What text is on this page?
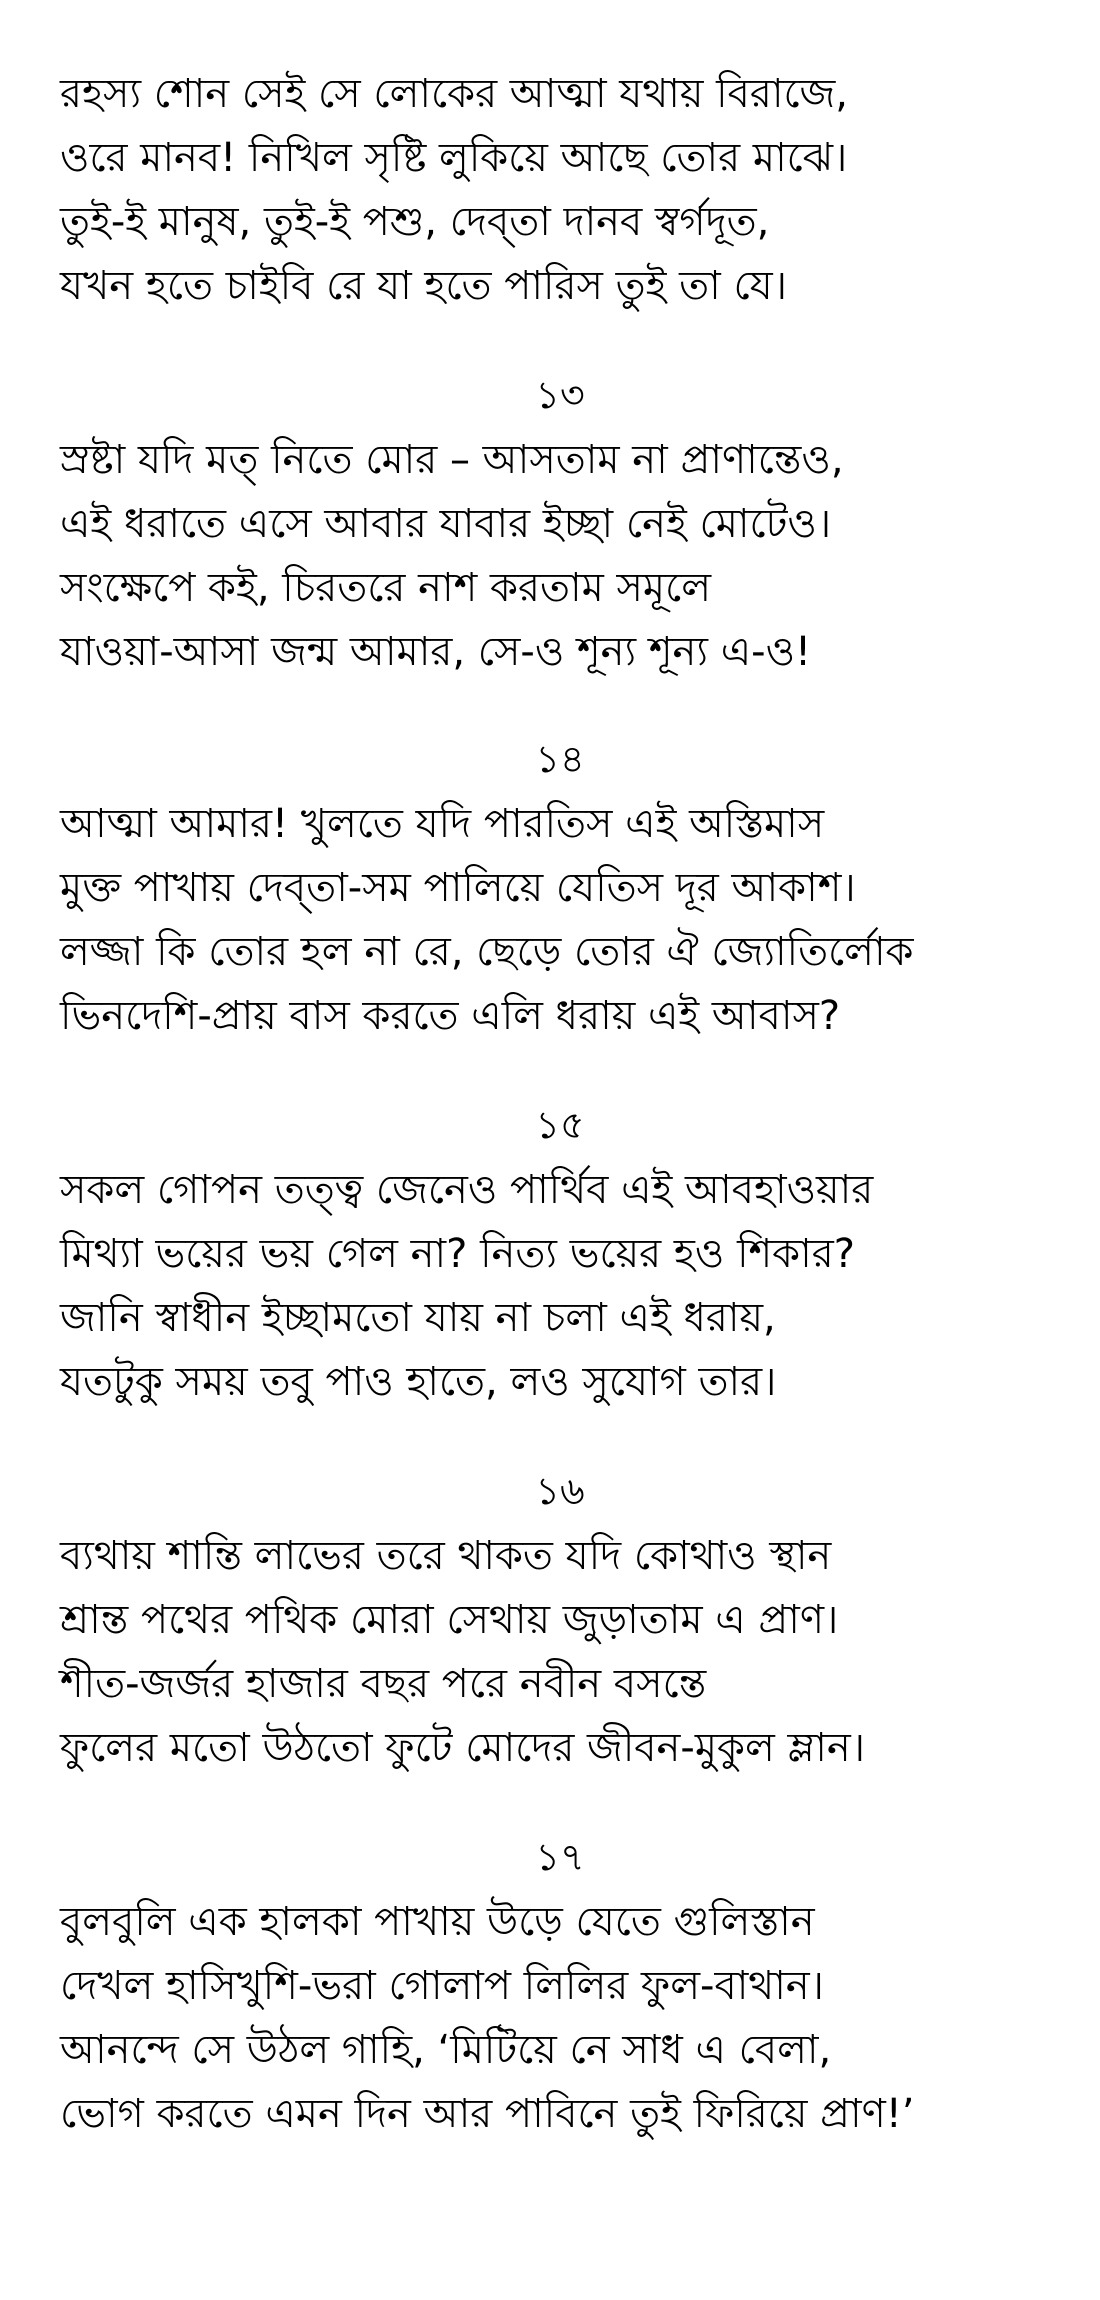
রহস্য শোন সেই সে লোকের আত্মা যথায় বিরাজে,

ওরে মানব! নিখিল সৃষ্টি লুকিয়ে আছে তোর মাঝে।

তুই-ই মানুষ, তুই-ই পশু, দেব্‌তা দানব স্বর্গদূত,

যখন হতে চাইবি রে যা হতে পারিস তুই তা যে।

১৩

স্রষ্টা যদি মত্ নিতে মোর – আসতাম না প্রাণান্তেও,

এই ধরাতে এসে আবার যাবার ইচ্ছা নেই মোটেও।

সংক্ষেপে কই, চিরতরে নাশ করতাম সমূলে

যাওয়া-আসা জন্ম আমার, সে-ও শূন্য শূন্য এ-ও!

১৪

আত্মা আমার! খুলতে যদি পারতিস এই অস্তিমাস

মুক্ত পাখায় দেব্‌তা-সম পালিয়ে যেতিস দূর আকাশ।

লজ্জা কি তোর হল না রে, ছেড়ে তোর ঐ জ্যোতির্লোক

ভিনদেশি-প্রায় বাস করতে এলি ধরায় এই আবাস?

১৫

সকল গোপন তত্ত্ব জেনেও পার্থিব এই আবহাওয়ার

মিথ্যা ভয়ের ভয় গেল না? নিত্য ভয়ের হও শিকার?

জানি স্বাধীন ইচ্ছামতো যায় না চলা এই ধরায়,

যতটুকু সময় তবু পাও হাতে, লও সুযোগ তার।

১৬

ব্যথায় শান্তি লাভের তরে থাকত যদি কোথাও স্থান

শ্রান্ত পথের পথিক মোরা সেথায় জুড়াতাম এ প্রাণ।

শীত-জর্জর হাজার বছর পরে নবীন বসন্তে

ফুলের মতো উঠতো ফুটে মোদের জীবন-মুকুল ম্লান।

১৭

বুলবুলি এক হালকা পাখায় উড়ে যেতে গুলিস্তান

দেখল হাসিখুশি-ভরা গোলাপ লিলির ফুল-বাথান।

আনন্দে সে উঠল গাহি, ‘মিটিয়ে নে সাধ এ বেলা,

ভোগ করতে এমন দিন আর পাবিনে তুই ফিরিয়ে প্রাণ!’
